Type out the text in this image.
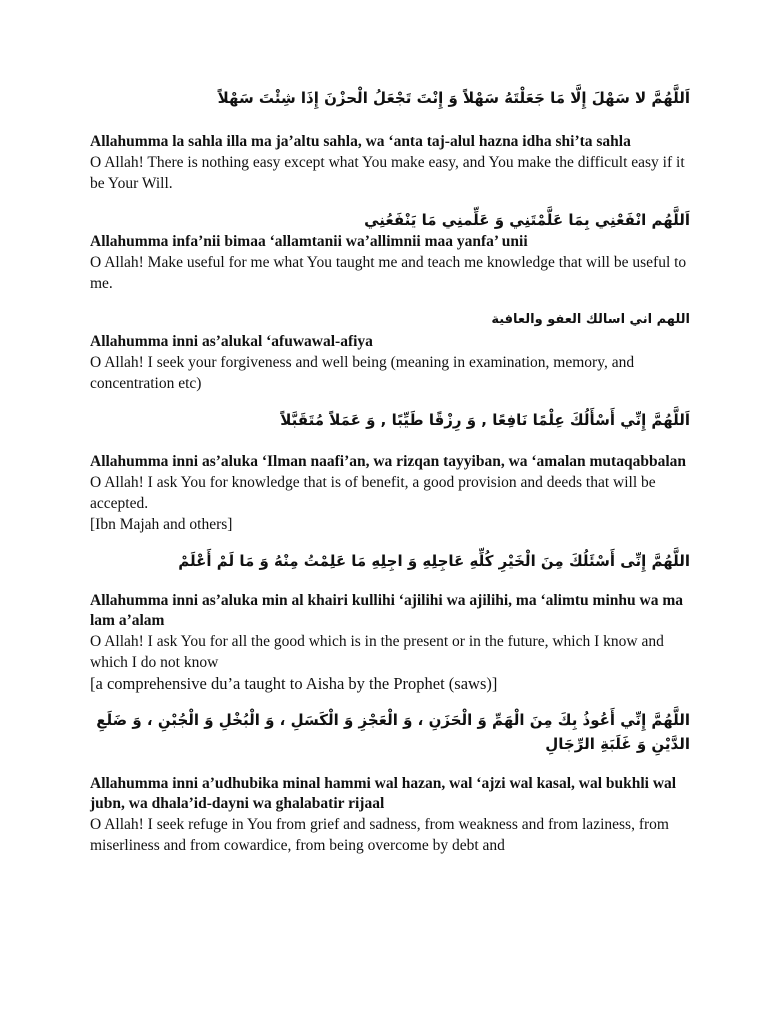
اَللَّهُمَّ لا سَهْلَ إِلَّا مَا جَعَلْتَهُ سَهْلاً وَ إِنْتَ تَجْعَلُ الْحزْنَ إِذَا شِئْتَ سَهْلاً

Allahumma la sahla illa ma ja’altu sahla, wa ‘anta taj-alul hazna idha shi’ta sahla

O Allah! There is nothing easy except what You make easy, and You make the difficult easy if it be Your Will.

اَللَّهُم انْفَعْنِي بِمَا عَلَّمْتَنِي وَ عَلِّمنِي مَا يَنْفَعُنِي

Allahumma infa’nii bimaa ‘allamtanii wa’allimnii maa yanfa’ unii

O Allah! Make useful for me what You taught me and teach me knowledge that will be useful to me.

اللهم اني اسالك العفو والعافية

Allahumma inni as’alukal ‘afuwawal-afiya

O Allah! I seek your forgiveness and well being (meaning in examination, memory, and concentration etc)

اَللَّهُمَّ إِنِّي أَسْأَلُكَ عِلْمًا نَافِعًا , وَ رِزْقًا طَيِّبًا , وَ عَمَلاً مُتَقَبَّلاً

Allahumma inni as’aluka ‘Ilman naafi’an, wa rizqan tayyiban, wa ‘amalan mutaqabbalan

O Allah! I ask You for knowledge that is of benefit, a good provision and deeds that will be accepted.

[Ibn Majah and others]

اللَّهُمَّ إِنِّى أَسْئَلُكَ مِنَ الْخَيْرِ كُلِّهِ عَاجِلِهِ وَ اجِلِهِ مَا عَلِمْتُ مِنْهُ وَ مَا لَمْ أَعْلَمْ

Allahumma inni as’aluka min al khairi kullihi ‘ajilihi wa ajilihi, ma ‘alimtu minhu wa ma lam a’alam

O Allah! I ask You for all the good which is in the present or in the future, which I know and which I do not know

[a comprehensive du’a taught to Aisha by the Prophet (saws)]

اللَّهُمَّ إِنِّي أَعُوذُ بِكَ مِنَ الْهَمِّ وَ الْحَزَنِ ، وَ الْعَجْزِ وَ الْكَسَلِ ، وَ الْبُخْلِ وَ الْجُبْنِ ، وَ ضَلَعِ الدَّيْنِ وَ غَلَبَةِ الرِّجَالِ

Allahumma inni a’udhubika minal hammi wal hazan, wal ‘ajzi wal kasal, wal bukhli wal jubn, wa dhala’id-dayni wa ghalabatir rijaal

O Allah! I seek refuge in You from grief and sadness, from weakness and from laziness, from miserliness and from cowardice, from being overcome by debt and
